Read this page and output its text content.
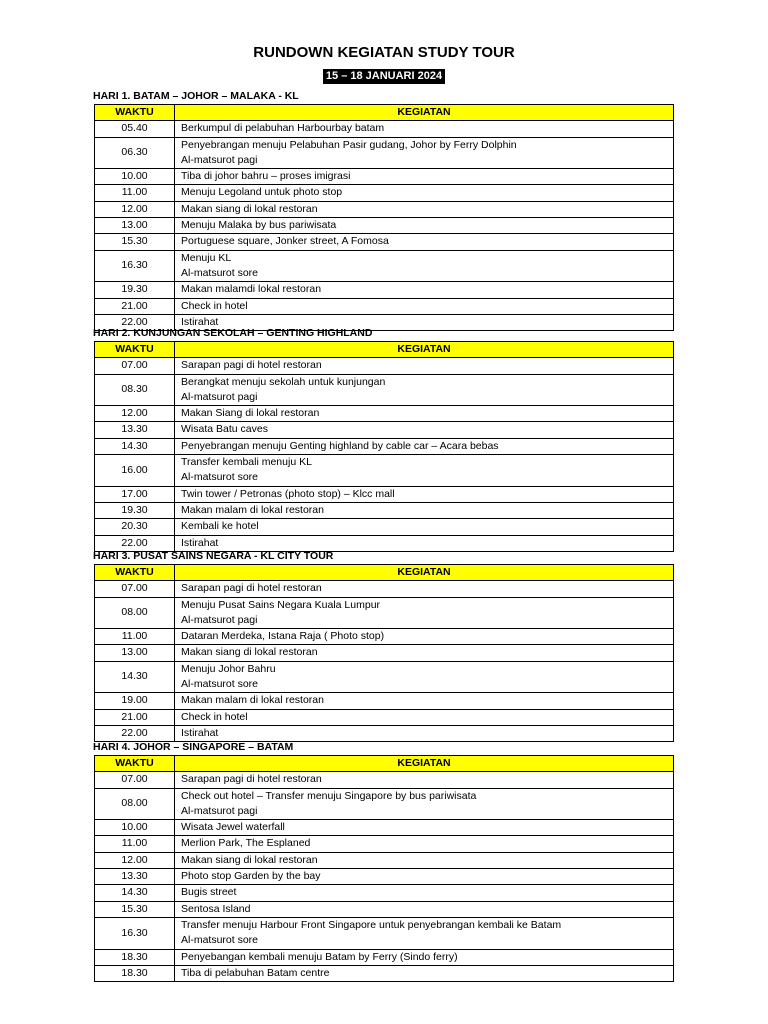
RUNDOWN KEGIATAN STUDY TOUR
15 – 18 JANUARI 2024
HARI 1. BATAM – JOHOR – MALAKA - KL
WAKTU	KEGIATAN
05.40	Berkumpul di pelabuhan Harbourbay batam

06.30	Penyebrangan menuju Pelabuhan Pasir gudang, Johor by Ferry Dolphin
Al-matsurot pagi

10.00	Tiba di johor bahru – proses imigrasi

11.00	Menuju Legoland untuk photo stop

12.00	Makan siang di lokal restoran

13.00	Menuju Malaka by bus pariwisata

15.30	Portuguese square, Jonker street, A Fomosa

16.30	Menuju KL
Al-matsurot sore

19.30	Makan malamdi lokal restoran

21.00	Check in hotel

22.00	Istirahat
HARI 2. KUNJUNGAN SEKOLAH – GENTING HIGHLAND
WAKTU	KEGIATAN
07.00	Sarapan pagi di hotel restoran

08.30	Berangkat menuju sekolah untuk kunjungan
Al-matsurot pagi

12.00	Makan Siang di lokal restoran

13.30	Wisata Batu caves

14.30	Penyebrangan menuju Genting highland by cable car – Acara bebas

16.00	Transfer kembali menuju KL
Al-matsurot sore

17.00	Twin tower / Petronas (photo stop) – Klcc mall

19.30	Makan malam di lokal restoran

20.30	Kembali ke hotel

22.00	Istirahat
HARI 3. PUSAT SAINS NEGARA - KL CITY TOUR
WAKTU	KEGIATAN
07.00	Sarapan pagi di hotel restoran

08.00	Menuju Pusat Sains Negara Kuala Lumpur
Al-matsurot pagi

11.00	Dataran Merdeka, Istana Raja ( Photo stop)

13.00	Makan siang di lokal restoran

14.30	Menuju Johor Bahru
Al-matsurot sore

19.00	Makan malam di lokal restoran

21.00	Check in hotel

22.00	Istirahat
HARI 4. JOHOR – SINGAPORE – BATAM
WAKTU	KEGIATAN
07.00	Sarapan pagi di hotel restoran

08.00	Check out hotel – Transfer menuju Singapore by bus pariwisata
Al-matsurot pagi

10.00	Wisata Jewel waterfall

11.00	Merlion Park, The Esplaned

12.00	Makan siang di lokal restoran

13.30	Photo stop Garden by the bay

14.30	Bugis street

15.30	Sentosa Island

16.30	Transfer menuju Harbour Front Singapore untuk penyebrangan kembali ke Batam
Al-matsurot sore

18.30	Penyebangan kembali menuju Batam by Ferry (Sindo ferry)

18.30	Tiba di pelabuhan Batam centre
